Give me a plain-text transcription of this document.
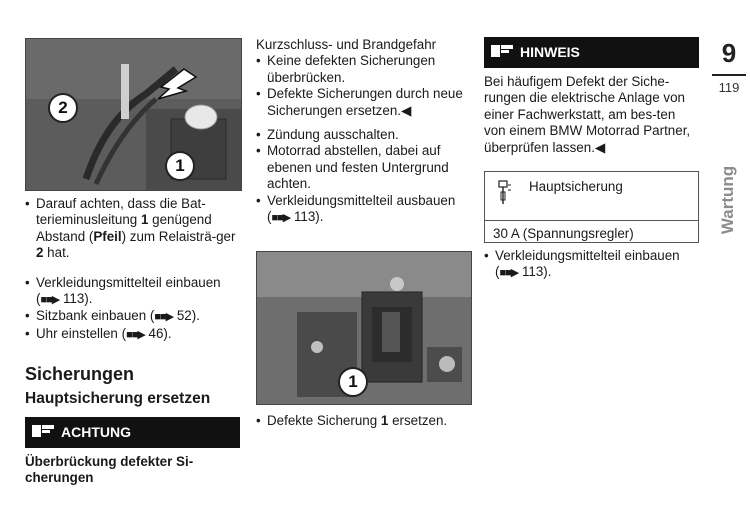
2
1
• Darauf achten, dass die Bat-terieminusleitung 1 genügend Abstand (Pfeil) zum Relaisträ-ger 2 hat.
• Verkleidungsmittelteil einbauen (■■▶ 113).
• Sitzbank einbauen (■■▶ 52).
• Uhr einstellen (■■▶ 46).
Sicherungen
Hauptsicherung ersetzen
ACHTUNG
Überbrückung defekter Si-cherungen
Kurzschluss- und Brandgefahr
• Keine defekten Sicherungen überbrücken.
• Defekte Sicherungen durch neue Sicherungen ersetzen.◀
• Zündung ausschalten.
• Motorrad abstellen, dabei auf ebenen und festen Untergrund achten.
• Verkleidungsmittelteil ausbauen (■■▶ 113).
1
• Defekte Sicherung 1 ersetzen.
HINWEIS
Bei häufigem Defekt der Siche-rungen die elektrische Anlage von einer Fachwerkstatt, am bes-ten von einem BMW Motorrad Partner, überprüfen lassen.◀
Hauptsicherung
30 A (Spannungsregler)
• Verkleidungsmittelteil einbauen (■■▶ 113).
9
119
Wartung
